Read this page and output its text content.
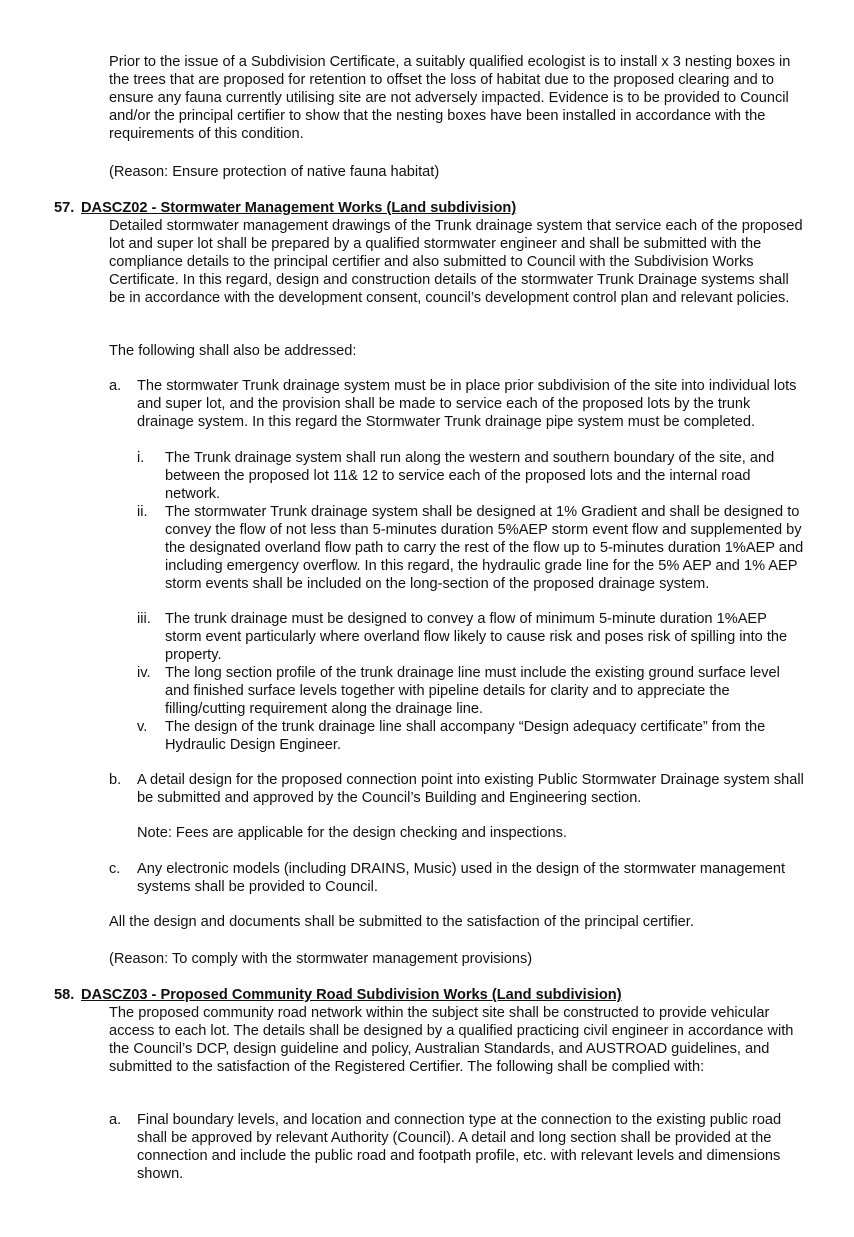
Prior to the issue of a Subdivision Certificate, a suitably qualified ecologist is to install x 3 nesting boxes in the trees that are proposed for retention to offset the loss of habitat due to the proposed clearing and to ensure any fauna currently utilising site are not adversely impacted. Evidence is to be provided to Council and/or the principal certifier to show that the nesting boxes have been installed in accordance with the requirements of this condition.

(Reason: Ensure protection of native fauna habitat)

57. DASCZ02 - Stormwater Management Works (Land subdivision)

Detailed stormwater management drawings of the Trunk drainage system that service each of the proposed lot and super lot shall be prepared by a qualified stormwater engineer and shall be submitted with the compliance details to the principal certifier and also submitted to Council with the Subdivision Works Certificate. In this regard, design and construction details of the stormwater Trunk Drainage systems shall be in accordance with the development consent, council’s development control plan and relevant policies.

The following shall also be addressed:

a. The stormwater Trunk drainage system must be in place prior subdivision of the site into individual lots and super lot, and the provision shall be made to service each of the proposed lots by the trunk drainage system. In this regard the Stormwater Trunk drainage pipe system must be completed.

i. The Trunk drainage system shall run along the western and southern boundary of the site, and between the proposed lot 11& 12 to service each of the proposed lots and the internal road network.

ii. The stormwater Trunk drainage system shall be designed at 1% Gradient and shall be designed to convey the flow of not less than 5-minutes duration 5%AEP storm event flow and supplemented by the designated overland flow path to carry the rest of the flow up to 5-minutes duration 1%AEP and including emergency overflow. In this regard, the hydraulic grade line for the 5% AEP and 1% AEP storm events shall be included on the long-section of the proposed drainage system.

iii. The trunk drainage must be designed to convey a flow of minimum 5-minute duration 1%AEP storm event particularly where overland flow likely to cause risk and poses risk of spilling into the property.

iv. The long section profile of the trunk drainage line must include the existing ground surface level and finished surface levels together with pipeline details for clarity and to appreciate the filling/cutting requirement along the drainage line.

v. The design of the trunk drainage line shall accompany “Design adequacy certificate” from the Hydraulic Design Engineer.

b. A detail design for the proposed connection point into existing Public Stormwater Drainage system shall be submitted and approved by the Council’s Building and Engineering section.

Note: Fees are applicable for the design checking and inspections.

c. Any electronic models (including DRAINS, Music) used in the design of the stormwater management systems shall be provided to Council.

All the design and documents shall be submitted to the satisfaction of the principal certifier.

(Reason: To comply with the stormwater management provisions)

58. DASCZ03 - Proposed Community Road Subdivision Works (Land subdivision)

The proposed community road network within the subject site shall be constructed to provide vehicular access to each lot. The details shall be designed by a qualified practicing civil engineer in accordance with the Council’s DCP, design guideline and policy, Australian Standards, and AUSTROAD guidelines, and submitted to the satisfaction of the Registered Certifier. The following shall be complied with:

a. Final boundary levels, and location and connection type at the connection to the existing public road shall be approved by relevant Authority (Council). A detail and long section shall be provided at the connection and include the public road and footpath profile, etc. with relevant levels and dimensions shown.
